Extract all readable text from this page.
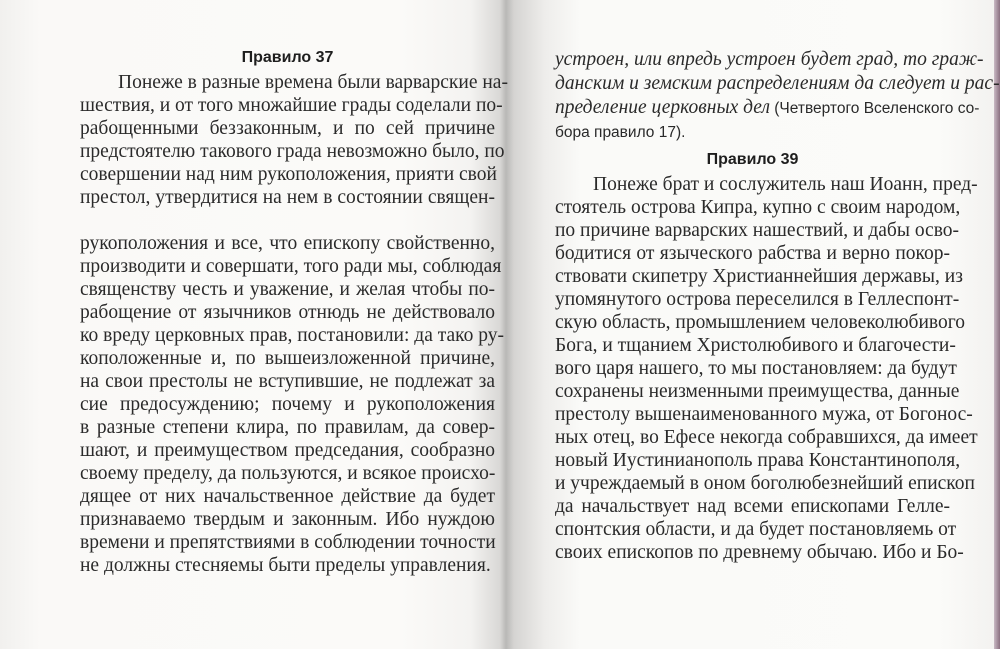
Правило 37
Понеже в разные времена были варварские на-
шествия, и от того множайшие грады соделали по-
рабощенными беззаконным, и по сей причине
предстоятелю такового града невозможно было, по
совершении над ним рукоположения, прияти свой
престол, утвердитися на нем в состоянии священ-
рукоположения и все, что епископу свойственно,
производити и совершати, того ради мы, соблюдая
священству честь и уважение, и желая чтобы по-
рабощение от язычников отнюдь не действовало
ко вреду церковных прав, постановили: да тако ру-
коположенные и, по вышеизложенной причине,
на свои престолы не вступившие, не подлежат за
сие предосуждению; почему и рукоположения
в разные степени клира, по правилам, да совер-
шают, и преимуществом председания, сообразно
своему пределу, да пользуются, и всякое происхо-
дящее от них начальственное действие да будет
признаваемо твердым и законным. Ибо нуждою
времени и препятствиями в соблюдении точности
не должны стесняемы быти пределы управления.
устроен, или впредь устроен будет град, то граж-
данским и земским распределениям да следует и рас-
пределение церковных дел (Четвертого Вселенского со-
бора правило 17).
Правило 39
Понеже брат и сослужитель наш Иоанн, пред-
стоятель острова Кипра, купно с своим народом,
по причине варварских нашествий, и дабы осво-
бодитися от языческого рабства и верно покор-
ствовати скипетру Христианнейшия державы, из
упомянутого острова переселился в Геллеспонт-
скую область, промышлением человеколюбивого
Бога, и тщанием Христолюбивого и благочести-
вого царя нашего, то мы постановляем: да будут
сохранены неизменными преимущества, данные
престолу вышенаименованного мужа, от Богонос-
ных отец, во Ефесе некогда собравшихся, да имеет
новый Иустинианополь права Константинополя,
и учреждаемый в оном боголюбезнейший епископ
да начальствует над всеми епископами Гелле-
спонтския области, и да будет постановляемь от
своих епископов по древнему обычаю. Ибо и Бо-
